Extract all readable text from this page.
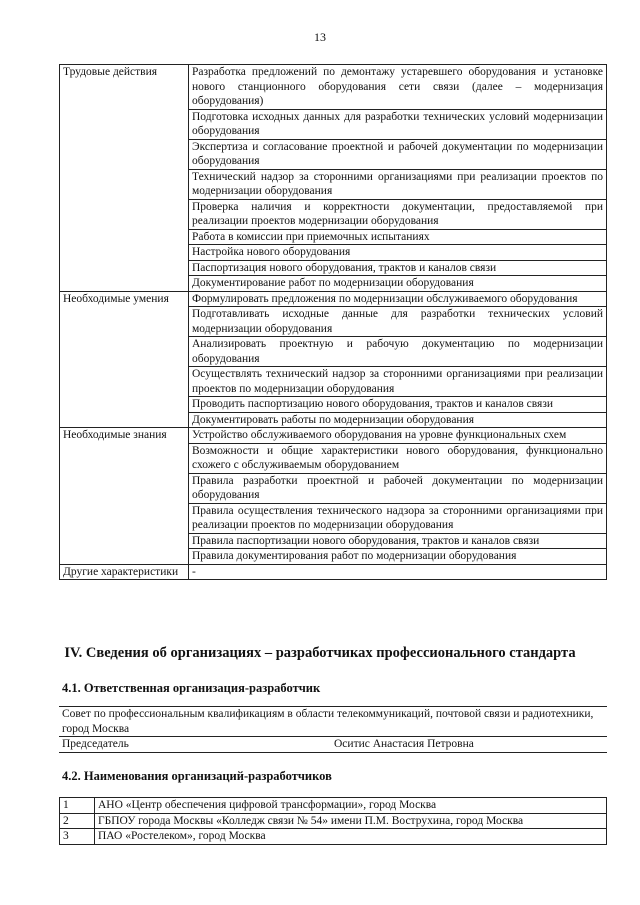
13
Трудовые действия	Разработка предложений по демонтажу устаревшего оборудования и установке нового станционного оборудования сети связи (далее – модернизация оборудования)
	Подготовка исходных данных для разработки технических условий модернизации оборудования
	Экспертиза и согласование проектной и рабочей документации по модернизации оборудования
	Технический надзор за сторонними организациями при реализации проектов по модернизации оборудования
	Проверка наличия и корректности документации, предоставляемой при реализации проектов модернизации оборудования
	Работа в комиссии при приемочных испытаниях
	Настройка нового оборудования
	Паспортизация нового оборудования, трактов и каналов связи
	Документирование работ по модернизации оборудования
Необходимые умения	Формулировать предложения по модернизации обслуживаемого оборудования
	Подготавливать исходные данные для разработки технических условий модернизации оборудования
	Анализировать проектную и рабочую документацию по модернизации оборудования
	Осуществлять технический надзор за сторонними организациями при реализации проектов по модернизации оборудования
	Проводить паспортизацию нового оборудования, трактов и каналов связи
	Документировать работы по модернизации оборудования
Необходимые знания	Устройство обслуживаемого оборудования на уровне функциональных схем
	Возможности и общие характеристики нового оборудования, функционально схожего с обслуживаемым оборудованием
	Правила разработки проектной и рабочей документации по модернизации оборудования
	Правила осуществления технического надзора за сторонними организациями при реализации проектов по модернизации оборудования
	Правила паспортизации нового оборудования, трактов и каналов связи
	Правила документирования работ по модернизации оборудования
Другие характеристики	-
IV. Сведения об организациях – разработчиках профессионального стандарта
4.1. Ответственная организация-разработчик
Совет по профессиональным квалификациям в области телекоммуникаций, почтовой связи и радиотехники, город Москва
Председатель	Оситис Анастасия Петровна
4.2. Наименования организаций-разработчиков
1	АНО «Центр обеспечения цифровой трансформации», город Москва
2	ГБПОУ города Москвы «Колледж связи № 54» имени П.М. Вострухина, город Москва
3	ПАО «Ростелеком», город Москва
